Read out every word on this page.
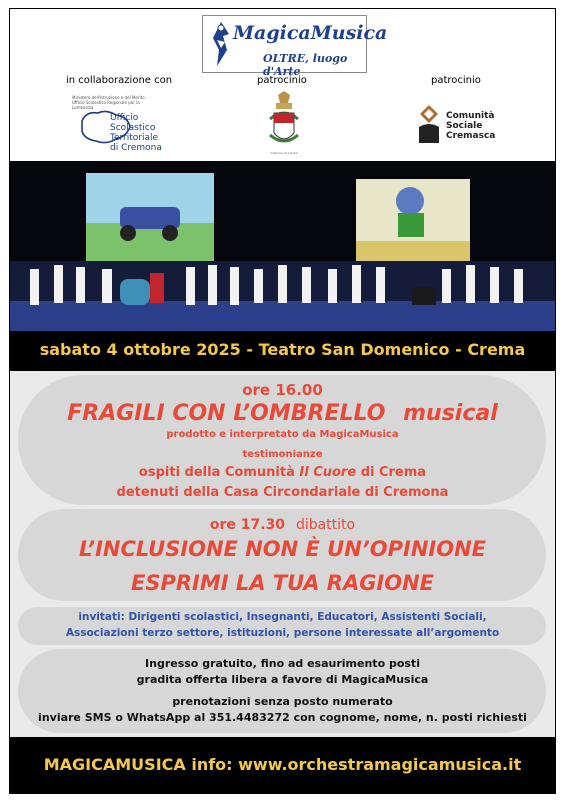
MagicaMusica
OLTRE, luogo d'Arte
in collaborazione con	patrocinio	patrocinio
Ministero dell'Istruzione e del Merito · Ufficio Scolastico Regionale per la Lombardia
Ufficio
Scolastico
Territoriale
di Cremona	Comune di Crema
Comunità
Sociale
Cremasca
sabato 4 ottobre 2025 - Teatro San Domenico - Crema
ore 16.00
FRAGILI CON L’OMBRELLO musical
prodotto e interpretato da MagicaMusica
testimonianze
ospiti della Comunità Il Cuore di Crema
detenuti della Casa Circondariale di Cremona
ore 17.30 dibattito
L’INCLUSIONE NON È UN’OPINIONE
ESPRIMI LA TUA RAGIONE
invitati: Dirigenti scolastici, Insegnanti, Educatori, Assistenti Sociali,
Associazioni terzo settore, istituzioni, persone interessate all’argomento
Ingresso gratuito, fino ad esaurimento posti
gradita offerta libera a favore di MagicaMusica
prenotazioni senza posto numerato
inviare SMS o WhatsApp al 351.4483272 con cognome, nome, n. posti richiesti
MAGICAMUSICA info: www.orchestramagicamusica.it
